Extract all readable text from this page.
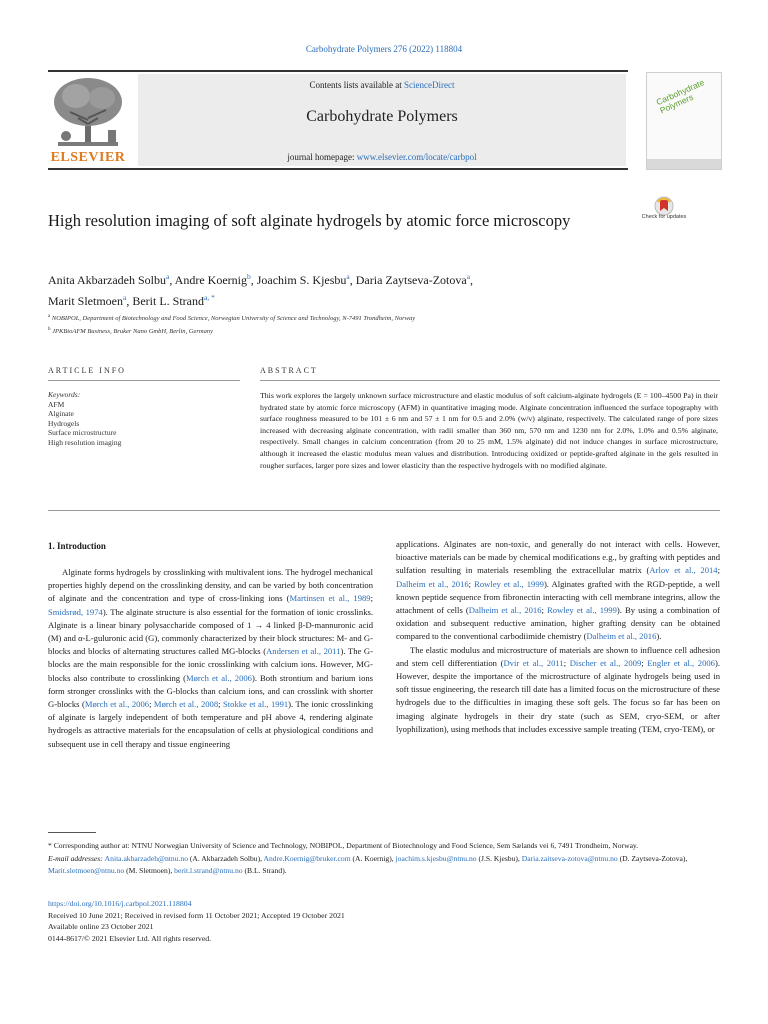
Carbohydrate Polymers 276 (2022) 118804
ELSEVIER
Contents lists available at ScienceDirect
Carbohydrate Polymers
journal homepage: www.elsevier.com/locate/carbpol
Carbohydrate Polymers
Check for updates
High resolution imaging of soft alginate hydrogels by atomic force microscopy
Anita Akbarzadeh Solbu$^a$, Andre Koernig$^b$, Joachim S. Kjesbu$^a$, Daria Zaytseva-Zotova$^a$,
Marit Sletmoen$^a$, Berit L. Strand$^{a, *}$
$^a$ NOBIPOL, Department of Biotechnology and Food Science, Norwegian University of Science and Technology, N-7491 Trondheim, Norway
$^b$ JPKBioAFM Business, Bruker Nano GmbH, Berlin, Germany
ARTICLE INFO	ABSTRACT
Keywords:
AFM
Alginate
Hydrogels
Surface microstructure
High resolution imaging
This work explores the largely unknown surface microstructure and elastic modulus of soft calcium-alginate hydrogels (E = 100–4500 Pa) in their hydrated state by atomic force microscopy (AFM) in quantitative imaging mode. Alginate concentration influenced the surface topography with surface roughness measured to be 101 ± 6 nm and 57 ± 1 nm for 0.5 and 2.0% (w/v) alginate, respectively. The calculated range of pore sizes increased with decreasing alginate concentration, with radii smaller than 360 nm, 570 nm and 1230 nm for 2.0%, 1.0% and 0.5% alginate, respectively. Small changes in calcium concentration (from 20 to 25 mM, 1.5% alginate) did not induce changes in surface microstructure, although it increased the elastic modulus mean values and distribution. Introducing oxidized or peptide-grafted alginate in the gels resulted in rougher surfaces, larger pore sizes and lower elasticity than the respective hydrogels with no modified alginate.
1. Introduction

Alginate forms hydrogels by crosslinking with multivalent ions. The hydrogel mechanical properties highly depend on the crosslinking density, and can be varied by both concentration of alginate and the concentration and type of cross-linking ions (Martinsen et al., 1989; Smidsrød, 1974). The alginate structure is also essential for the formation of ionic crosslinks. Alginate is a linear binary polysaccharide composed of 1 → 4 linked β-D-mannuronic acid (M) and α-L-guluronic acid (G), commonly characterized by their block structures: M- and G-blocks and blocks of alternating structures called MG-blocks (Andersen et al., 2011). The G-blocks are the main responsible for the ionic crosslinking with calcium ions. However, MG-blocks also contribute to crosslinking (Mørch et al., 2006). Both strontium and barium ions form stronger crosslinks with the G-blocks than calcium ions, and can crosslink with shorter G-blocks (Mørch et al., 2006; Mørch et al., 2008; Stokke et al., 1991). The ionic crosslinking of alginate is largely independent of both temperature and pH above 4, rendering alginate hydrogels as attractive materials for the encapsulation of cells at physiological conditions and subsequent use in cell therapy and tissue engineering

applications. Alginates are non-toxic, and generally do not interact with cells. However, bioactive materials can be made by chemical modifications e.g., by grafting with peptides and sulfation resulting in materials resembling the extracellular matrix (Arlov et al., 2014; Dalheim et al., 2016; Rowley et al., 1999). Alginates grafted with the RGD-peptide, a well known peptide sequence from fibronectin interacting with cell membrane integrins, allow the attachment of cells (Dalheim et al., 2016; Rowley et al., 1999). By using a combination of oxidation and subsequent reductive amination, higher grafting density can be obtained compared to the conventional carbodiimide chemistry (Dalheim et al., 2016).

The elastic modulus and microstructure of materials are shown to influence cell adhesion and stem cell differentiation (Dvir et al., 2011; Discher et al., 2009; Engler et al., 2006). However, despite the importance of the microstructure of alginate hydrogels being used in soft tissue engineering, the research till date has a limited focus on the microstructure of these hydrogels due to the difficulties in imaging these soft gels. The focus so far has been on imaging alginate hydrogels in their dry state (such as SEM, cryo-SEM, or after lyophilization), using methods that includes excessive sample treating (TEM, cryo-TEM), or

* Corresponding author at: NTNU Norwegian University of Science and Technology, NOBIPOL, Department of Biotechnology and Food Science, Sem Sælands vei 6, 7491 Trondheim, Norway.
E-mail addresses: Anita.akbarzadeh@ntnu.no (A. Akbarzadeh Solbu), Andre.Koernig@bruker.com (A. Koernig), joachim.s.kjesbu@ntnu.no (J.S. Kjesbu), Daria.zaitseva-zotova@ntnu.no (D. Zaytseva-Zotova), Marit.sletmoen@ntnu.no (M. Sletmoen), berit.l.strand@ntnu.no (B.L. Strand).
https://doi.org/10.1016/j.carbpol.2021.118804
Received 10 June 2021; Received in revised form 11 October 2021; Accepted 19 October 2021
Available online 23 October 2021
0144-8617/© 2021 Elsevier Ltd. All rights reserved.
